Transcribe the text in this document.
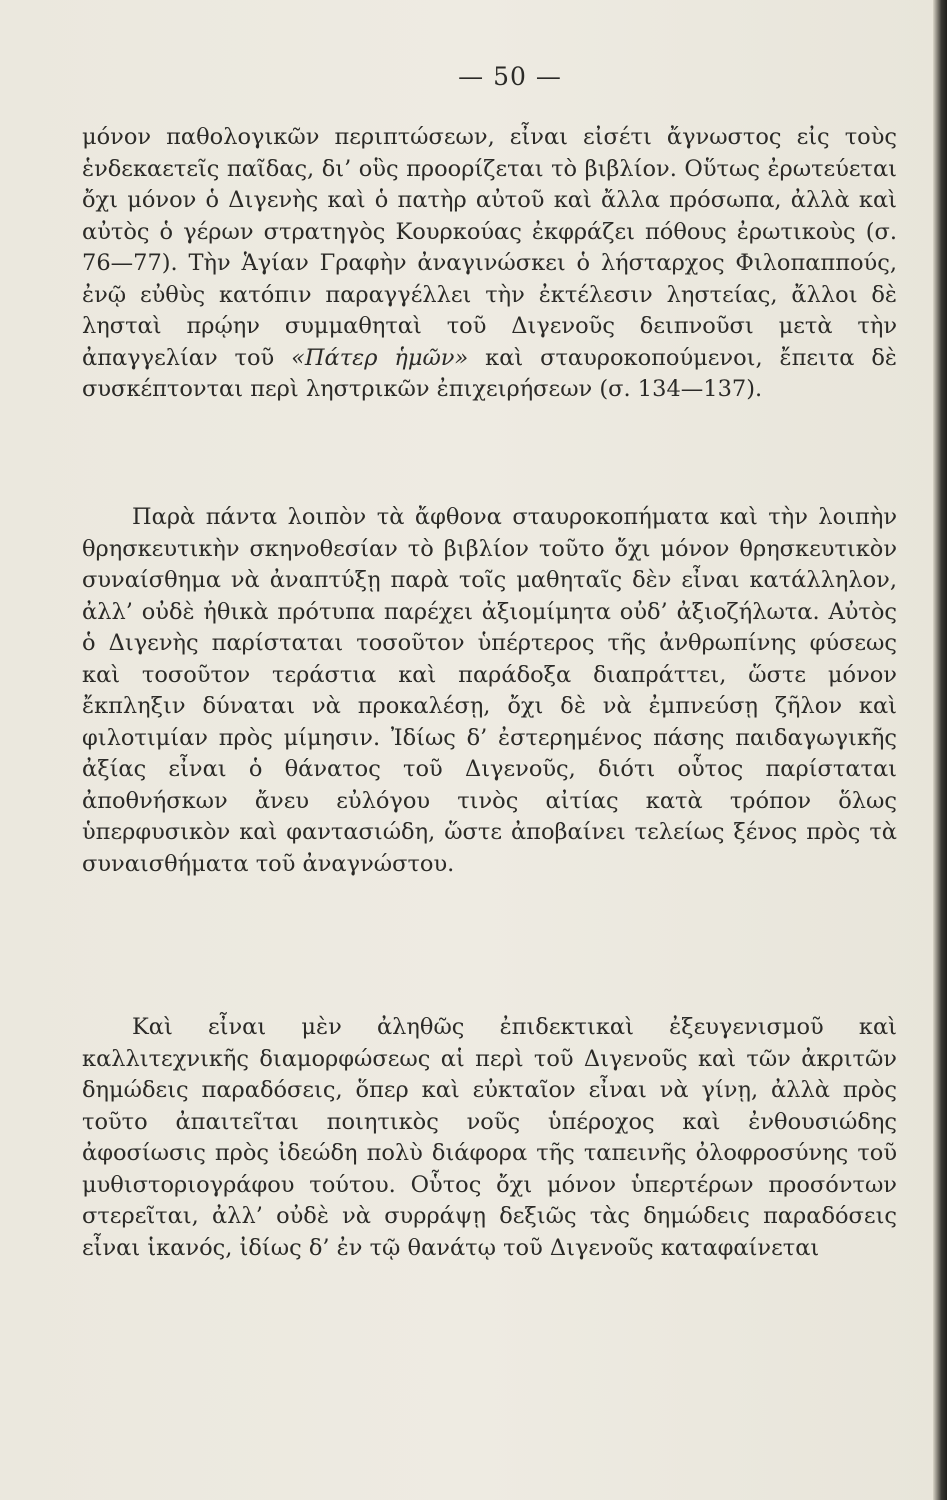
— 50 —

μόνον παθολογικῶν περιπτώσεων, εἶναι εἰσέτι ἄγνωστος εἰς τοὺς ἑνδεκαετεῖς παῖδας, δι’ οὓς προορίζεται τὸ βιβλίον. Οὕτως ἐρωτεύεται ὄχι μόνον ὁ Διγενὴς καὶ ὁ πατὴρ αὐτοῦ καὶ ἄλλα πρόσωπα, ἀλλὰ καὶ αὐτὸς ὁ γέρων στρατηγὸς Κουρκούας ἐκφράζει πόθους ἐρωτικοὺς (σ. 76—77). Τὴν Ἁγίαν Γραφὴν ἀναγινώσκει ὁ λήσταρχος Φιλοπαππούς, ἐνῷ εὐθὺς κατόπιν παραγγέλλει τὴν ἐκτέλεσιν ληστείας, ἄλλοι δὲ λησταὶ πρῴην συμμαθηταὶ τοῦ Διγενοῦς δειπνοῦσι μετὰ τὴν ἀπαγγελίαν τοῦ «Πάτερ ἡμῶν» καὶ σταυροκοπούμενοι, ἔπειτα δὲ συσκέπτονται περὶ ληστρικῶν ἐπιχειρήσεων (σ. 134—137).

Παρὰ πάντα λοιπὸν τὰ ἄφθονα σταυροκοπήματα καὶ τὴν λοιπὴν θρησκευτικὴν σκηνοθεσίαν τὸ βιβλίον τοῦτο ὄχι μόνον θρησκευτικὸν συναίσθημα νὰ ἀναπτύξῃ παρὰ τοῖς μαθηταῖς δὲν εἶναι κατάλληλον, ἀλλ’ οὐδὲ ἠθικὰ πρότυπα παρέχει ἀξιομίμητα οὐδ’ ἀξιοζήλωτα. Αὐτὸς ὁ Διγενὴς παρίσταται τοσοῦτον ὑπέρτερος τῆς ἀνθρωπίνης φύσεως καὶ τοσοῦτον τεράστια καὶ παράδοξα διαπράττει, ὥστε μόνον ἔκπληξιν δύναται νὰ προκαλέσῃ, ὄχι δὲ νὰ ἐμπνεύσῃ ζῆλον καὶ φιλοτιμίαν πρὸς μίμησιν. Ἰδίως δ’ ἐστερημένος πάσης παιδαγωγικῆς ἀξίας εἶναι ὁ θάνατος τοῦ Διγενοῦς, διότι οὗτος παρίσταται ἀποθνήσκων ἄνευ εὐλόγου τινὸς αἰτίας κατὰ τρόπον ὅλως ὑπερφυσικὸν καὶ φαντασιώδη, ὥστε ἀποβαίνει τελείως ξένος πρὸς τὰ συναισθήματα τοῦ ἀναγνώστου.

Καὶ εἶναι μὲν ἀληθῶς ἐπιδεκτικαὶ ἐξευγενισμοῦ καὶ καλλιτεχνικῆς διαμορφώσεως αἱ περὶ τοῦ Διγενοῦς καὶ τῶν ἀκριτῶν δημώδεις παραδόσεις, ὅπερ καὶ εὐκταῖον εἶναι νὰ γίνῃ, ἀλλὰ πρὸς τοῦτο ἀπαιτεῖται ποιητικὸς νοῦς ὑπέροχος καὶ ἐνθουσιώδης ἀφοσίωσις πρὸς ἰδεώδη πολὺ διάφορα τῆς ταπεινῆς ὀλοφροσύνης τοῦ μυθιστοριογράφου τούτου. Οὗτος ὄχι μόνον ὑπερτέρων προσόντων στερεῖται, ἀλλ’ οὐδὲ νὰ συρράψῃ δεξιῶς τὰς δημώδεις παραδόσεις εἶναι ἱκανός, ἰδίως δ’ ἐν τῷ θανάτῳ τοῦ Διγενοῦς καταφαίνεται
